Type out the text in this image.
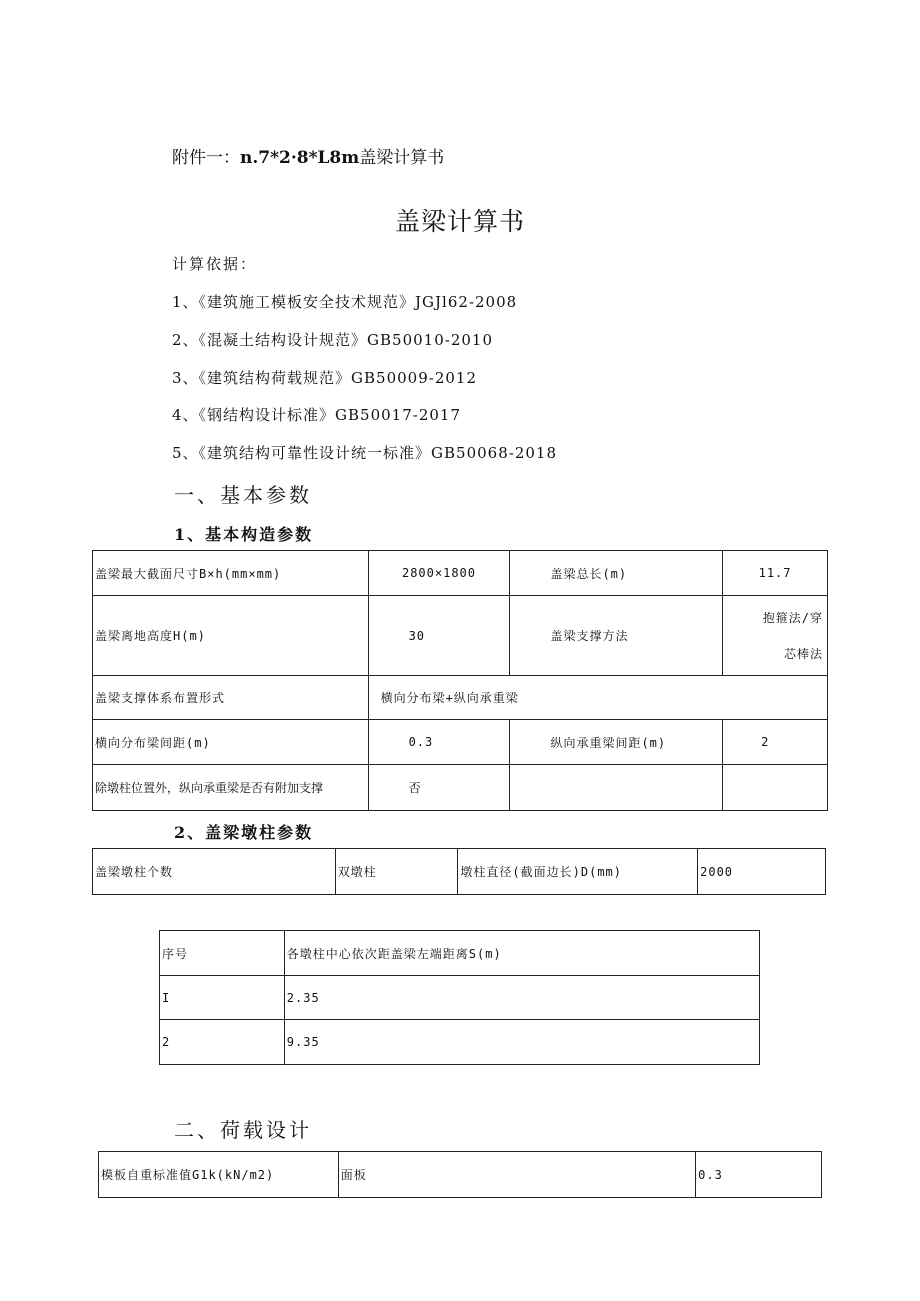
附件一：n.7*2·8*L8m盖梁计算书
盖梁计算书
计算依据：
1、《建筑施工模板安全技术规范》JGJl62-2008
2、《混凝土结构设计规范》GB50010-2010
3、《建筑结构荷载规范》GB50009-2012
4、《钢结构设计标准》GB50017-2017
5、《建筑结构可靠性设计统一标准》GB50068-2018
一、基本参数
1、基本构造参数
盖梁最大截面尺寸B×h(mm×mm)	2800×1800	盖梁总长(m)	11.7
盖梁离地高度H(m)	30	盖梁支撑方法	抱箍法/穿
芯棒法
盖梁支撑体系布置形式	横向分布梁+纵向承重梁		
横向分布梁间距(m)	0.3	纵向承重梁间距(m)	2
除墩柱位置外，纵向承重梁是否有附加支撑	否		
2、盖梁墩柱参数
盖梁墩柱个数	双墩柱	墩柱直径(截面边长)D(mm)	2000
序号	各墩柱中心依次距盖梁左端距离S(m)
I	2.35
2	9.35
二、荷载设计
模板自重标准值G1k(kN/m2)	面板	0.3
